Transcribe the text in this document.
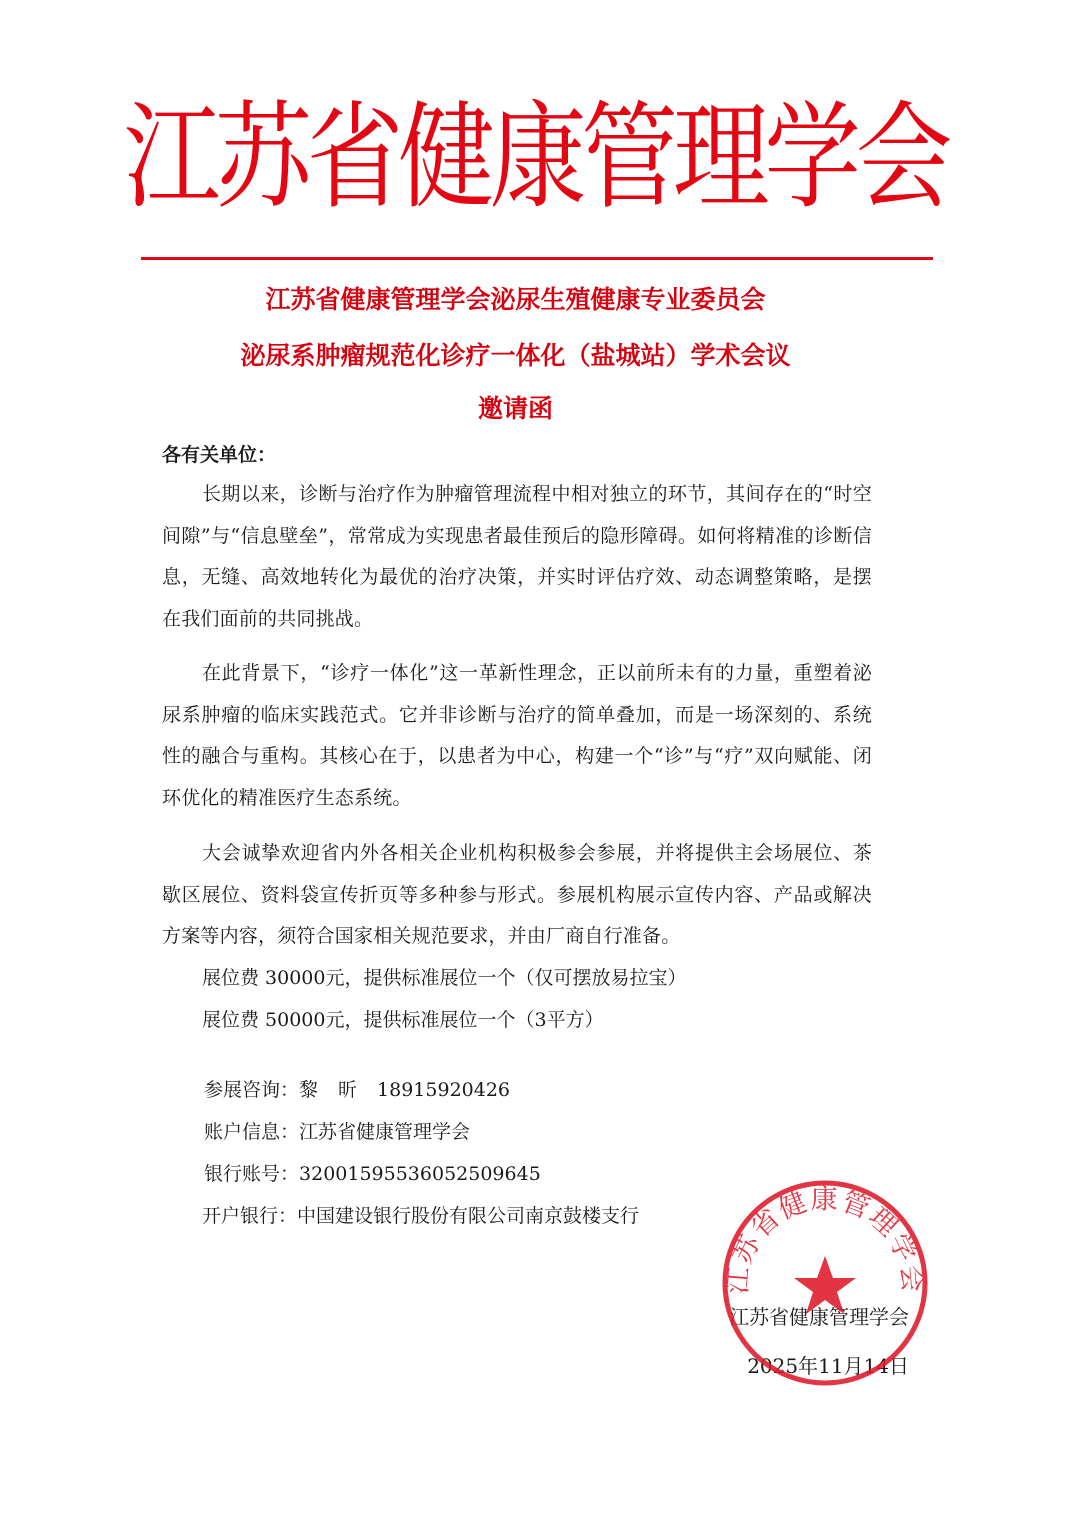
江苏省健康管理学会
江苏省健康管理学会泌尿生殖健康专业委员会
泌尿系肿瘤规范化诊疗一体化（盐城站）学术会议
邀请函
各有关单位：

长期以来，诊断与治疗作为肿瘤管理流程中相对独立的环节，其间存在的“时空间隙”与“信息壁垒”，常常成为实现患者最佳预后的隐形障碍。如何将精准的诊断信息，无缝、高效地转化为最优的治疗决策，并实时评估疗效、动态调整策略，是摆在我们面前的共同挑战。

在此背景下，“诊疗一体化”这一革新性理念，正以前所未有的力量，重塑着泌尿系肿瘤的临床实践范式。它并非诊断与治疗的简单叠加，而是一场深刻的、系统性的融合与重构。其核心在于，以患者为中心，构建一个“诊”与“疗”双向赋能、闭环优化的精准医疗生态系统。

大会诚挚欢迎省内外各相关企业机构积极参会参展，并将提供主会场展位、茶歇区展位、资料袋宣传折页等多种参与形式。参展机构展示宣传内容、产品或解决方案等内容，须符合国家相关规范要求，并由厂商自行准备。

展位费 30000元，提供标准展位一个（仅可摆放易拉宝）
展位费 50000元，提供标准展位一个（3平方）
参展咨询：黎 昕 18915920426
账户信息：江苏省健康管理学会
银行账号：32001595536052509645
开户银行：中国建设银行股份有限公司南京鼓楼支行
江苏省健康管理学会
2025年11月14日
江苏省健康管理学会
